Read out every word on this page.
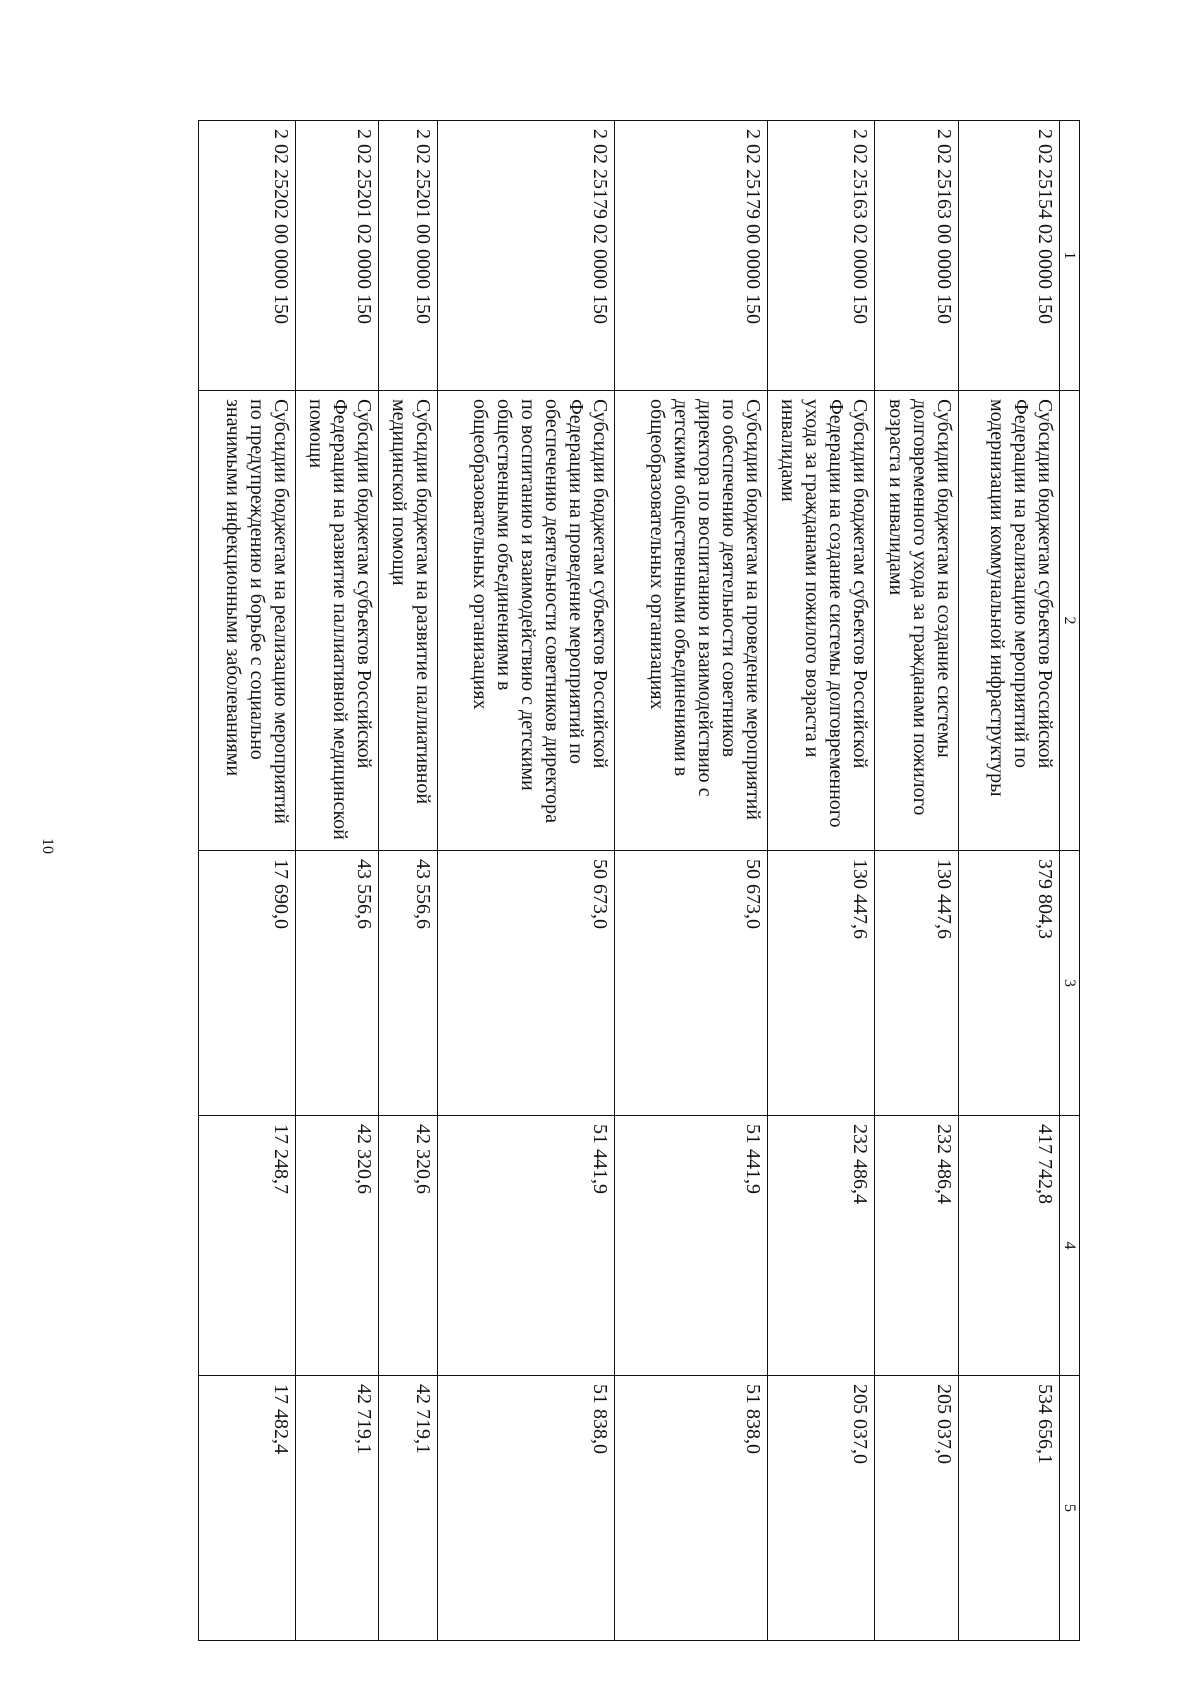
10
1	2	3	4	5
2 02 25154 02 0000 150	Субсидии бюджетам субъектов Российской Федерации на реализацию мероприятий по модернизации коммунальной инфраструктуры	379 804,3	417 742,8	534 656,1
2 02 25163 00 0000 150	Субсидии бюджетам на создание системы долговременного ухода за гражданами пожилого возраста и инвалидами	130 447,6	232 486,4	205 037,0
2 02 25163 02 0000 150	Субсидии бюджетам субъектов Российской Федерации на создание системы долговременного ухода за гражданами пожилого возраста и инвалидами	130 447,6	232 486,4	205 037,0
2 02 25179 00 0000 150	Субсидии бюджетам на проведение мероприятий по обеспечению деятельности советников директора по воспитанию и взаимодействию с детскими общественными объединениями в общеобразовательных организациях	50 673,0	51 441,9	51 838,0
2 02 25179 02 0000 150	Субсидии бюджетам субъектов Российской Федерации на проведение мероприятий по обеспечению деятельности советников директора по воспитанию и взаимодействию с детскими общественными объединениями в общеобразовательных организациях	50 673,0	51 441,9	51 838,0
2 02 25201 00 0000 150	Субсидии бюджетам на развитие паллиативной медицинской помощи	43 556,6	42 320,6	42 719,1
2 02 25201 02 0000 150	Субсидии бюджетам субъектов Российской Федерации на развитие паллиативной медицинской помощи	43 556,6	42 320,6	42 719,1
2 02 25202 00 0000 150	Субсидии бюджетам на реализацию мероприятий по предупреждению и борьбе с социально значимыми инфекционными заболеваниями	17 690,0	17 248,7	17 482,4
